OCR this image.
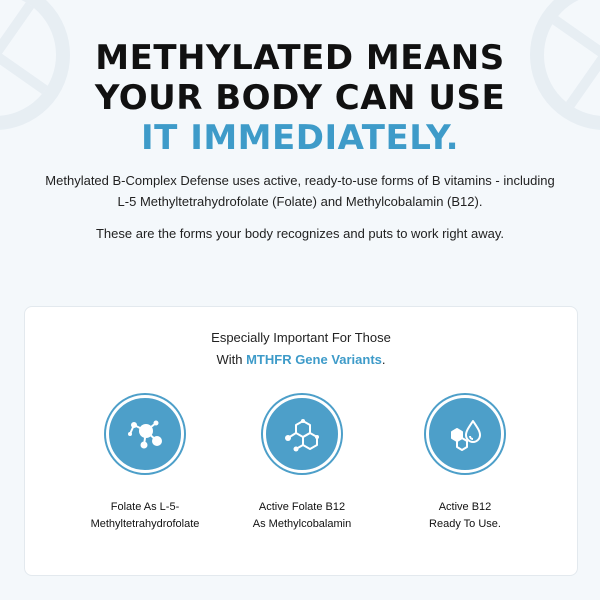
METHYLATED MEANS
YOUR BODY CAN USE
IT IMMEDIATELY.

Methylated B-Complex Defense uses active, ready-to-use forms of B vitamins - including L-5 Methyltetrahydrofolate (Folate) and Methylcobalamin (B12).

These are the forms your body recognizes and puts to work right away.

Especially Important For Those
With MTHFR Gene Variants.
Folate As L-5-
Methyltetrahydrofolate
Active Folate B12
As Methylcobalamin
Active B12
Ready To Use.
